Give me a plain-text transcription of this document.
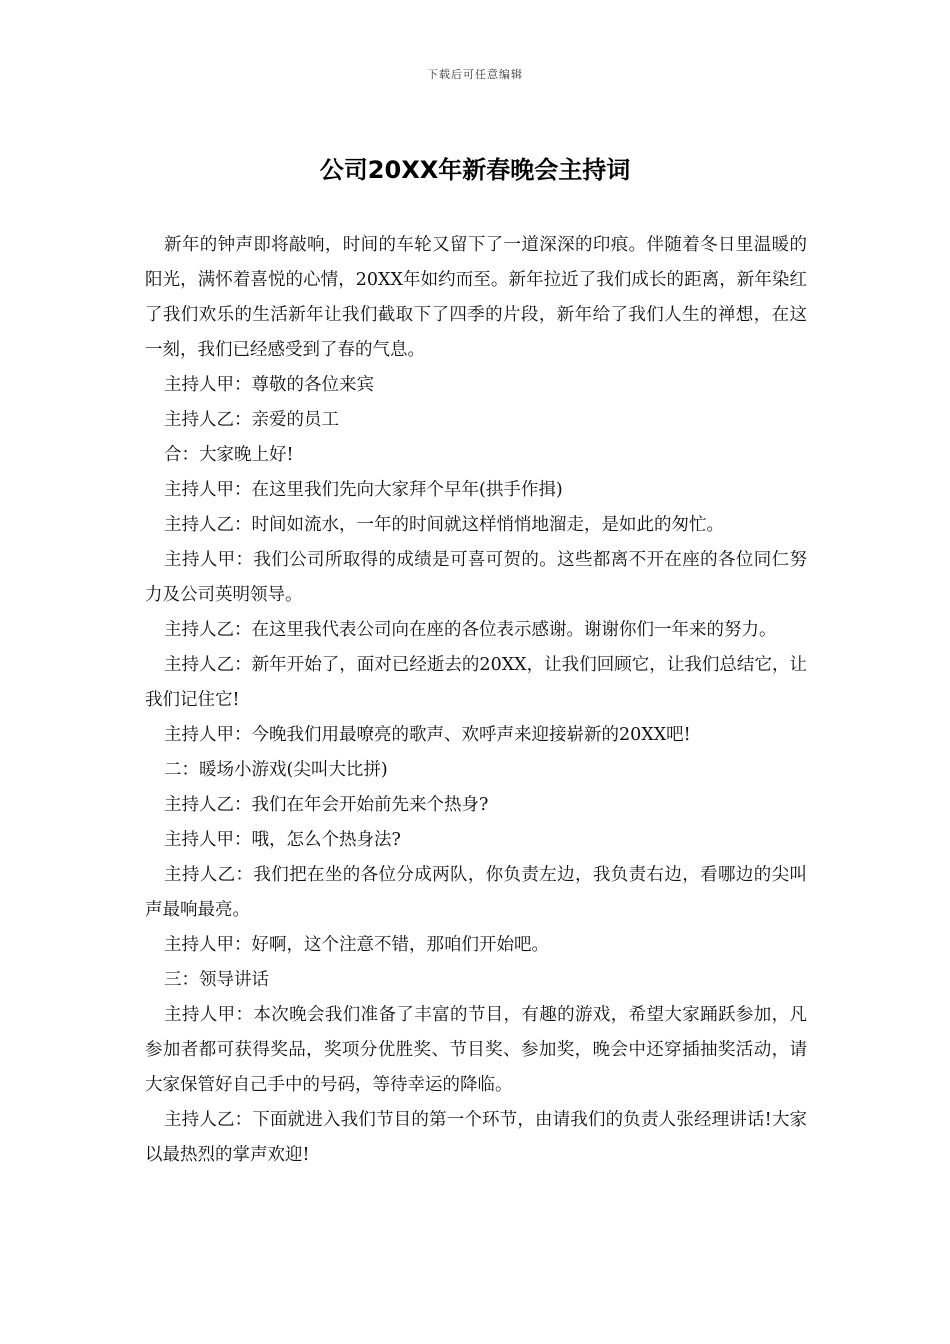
下载后可任意编辑
公司20XX年新春晚会主持词

新年的钟声即将敲响，时间的车轮又留下了一道深深的印痕。伴随着冬日里温暖的阳光，满怀着喜悦的心情，20XX年如约而至。新年拉近了我们成长的距离，新年染红了我们欢乐的生活新年让我们截取下了四季的片段，新年给了我们人生的禅想，在这一刻，我们已经感受到了春的气息。

主持人甲：尊敬的各位来宾

主持人乙：亲爱的员工

合：大家晚上好!

主持人甲：在这里我们先向大家拜个早年(拱手作揖)

主持人乙：时间如流水，一年的时间就这样悄悄地溜走，是如此的匆忙。

主持人甲：我们公司所取得的成绩是可喜可贺的。这些都离不开在座的各位同仁努力及公司英明领导。

主持人乙：在这里我代表公司向在座的各位表示感谢。谢谢你们一年来的努力。

主持人乙：新年开始了，面对已经逝去的20XX，让我们回顾它，让我们总结它，让我们记住它!

主持人甲：今晚我们用最嘹亮的歌声、欢呼声来迎接崭新的20XX吧!

二：暖场小游戏(尖叫大比拼)

主持人乙：我们在年会开始前先来个热身?

主持人甲：哦，怎么个热身法?

主持人乙：我们把在坐的各位分成两队，你负责左边，我负责右边，看哪边的尖叫声最响最亮。

主持人甲：好啊，这个注意不错，那咱们开始吧。

三：领导讲话

主持人甲：本次晚会我们准备了丰富的节目，有趣的游戏，希望大家踊跃参加，凡参加者都可获得奖品，奖项分优胜奖、节目奖、参加奖，晚会中还穿插抽奖活动，请大家保管好自己手中的号码，等待幸运的降临。

主持人乙：下面就进入我们节目的第一个环节，由请我们的负责人张经理讲话!大家以最热烈的掌声欢迎!
